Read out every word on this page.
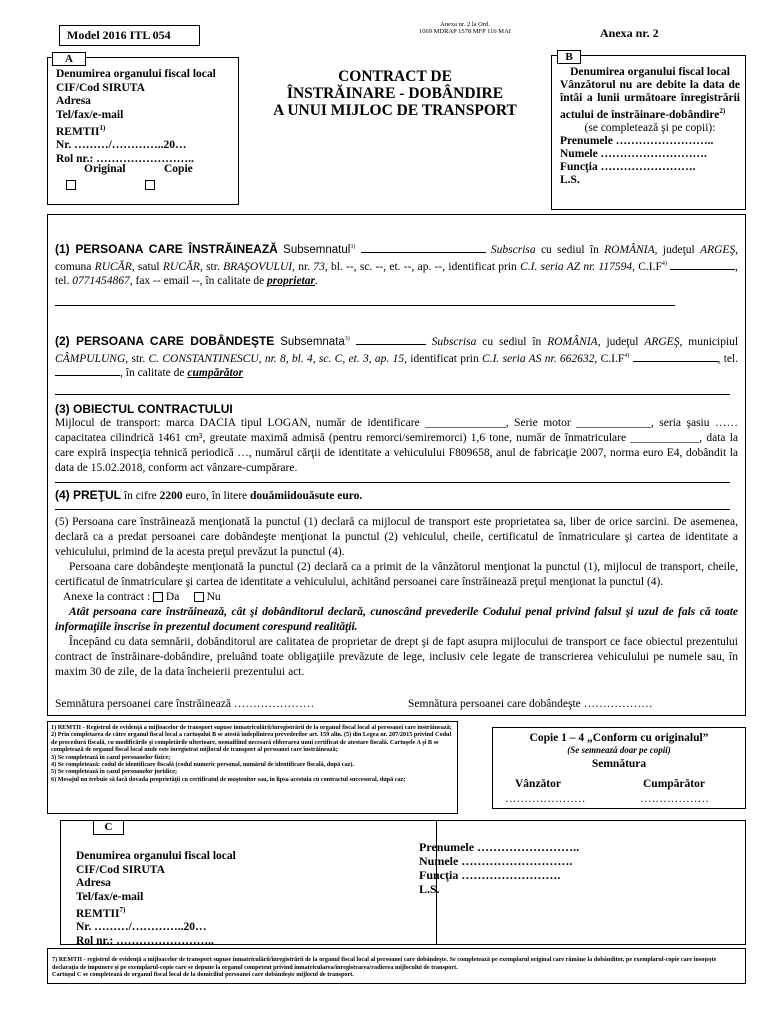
Model 2016 ITL 054
Anexa nr. 2 la Ord.
1069 MDRAP 1578 MFP 116 MAI	Anexa nr. 2
A
Denumirea organului fiscal local
CIF/Cod SIRUTA
Adresa
Tel/fax/e-mail
REMTII$^{1)}$
Nr. ………/…………..20…
Rol nr.: ……………………..
Original	Copie
CONTRACT DE
ÎNSTRĂINARE - DOBÂNDIRE
A UNUI MIJLOC DE TRANSPORT
B
Denumirea organului fiscal local
Vânzătorul nu are debite la data de întâi a lunii următoare înregistrării actului de înstrăinare-dobândire$^{2)}$
(se completează şi pe copii):
Prenumele ……………………..
Numele ……………………….
Funcţia …………………….
L.S.

(1) PERSOANA CARE ÎNSTRĂINEAZĂ Subsemnatul$^{3)}$	Subscrisa cu sediul în ROMÂNIA, judeţul ARGEŞ, comuna RUCĂR, satul RUCĂR, str. BRAŞOVULUI, nr. 73, bl. --, sc. --, et. --, ap. --, identificat prin C.I. seria AZ nr. 117594, $C.I.F^{4)}$	, tel. 0771454867, fax -- email --, în calitate de proprietar.

(2) PERSOANA CARE DOBÂNDEŞTE Subsemnata$^{3)}$	Subscrisa cu sediul în ROMÂNIA, judeţul ARGEŞ, municipiul CÂMPULUNG, str. C. CONSTANTINESCU, nr. 8, bl. 4, sc. C, et. 3, ap. 15, identificat prin C.I. seria AS nr. 662632, $C.I.F^{4)}$	, tel. , în calitate de cumpărător

(3) OBIECTUL CONTRACTULUI

Mijlocul de transport: marca DACIA tipul LOGAN, număr de identificare ______________, Serie motor _____________, seria şasiu …… capacitatea cilindrică 1461 cm³, greutate maximă admisă (pentru remorci/semiremorci) 1,6 tone, număr de înmatriculare ____________, data la care expiră inspecţia tehnică periodică …, numărul cărţii de identitate a vehiculului F809658, anul de fabricaţie 2007, norma euro E4, dobândit la data de 15.02.2018, conform act vânzare-cumpărare.

(4) PREŢUL în cifre 2200 euro, în litere douămiidouăsute euro.

(5) Persoana care înstrăinează menţionată la punctul (1) declară ca mijlocul de transport este proprietatea sa, liber de orice sarcini. De asemenea, declară ca a predat persoanei care dobândeşte menţionat la punctul (2) vehiculul, cheile, certificatul de înmatriculare şi cartea de identitate a vehiculului, primind de la acesta preţul prevăzut la punctul (4).

Persoana care dobândeşte menţionată la punctul (2) declară ca a primit de la vânzătorul menţionat la punctul (1), mijlocul de transport, cheile, certificatul de înmatriculare şi cartea de identitate a vehiculului, achitând persoanei care înstrăinează preţul menţionat la punctul (4).

Anexe la contract : Da Nu

Atât persoana care înstrăinează, cât şi dobânditorul declară, cunoscând prevederile Codului penal privind falsul şi uzul de fals că toate informaţiile înscrise în prezentul document corespund realităţii.

Începând cu data semnării, dobânditorul are calitatea de proprietar de drept şi de fapt asupra mijlocului de transport ce face obiectul prezentului contract de înstrăinare-dobândire, preluând toate obligaţiile prevăzute de lege, inclusiv cele legate de transcrierea vehiculului pe numele sau, în maxim 30 de zile, de la data încheierii prezentului act.

Semnătura persoanei care înstrăinează …………………	Semnătura persoanei care dobândeşte ………………
1) REMTII - Registrul de evidenţă a mijloacelor de transport supuse înmatriculării/înregistrării de la organul fiscal local al persoanei care înstrăinează;
2) Prin completarea de către organul fiscal local a cartuşului B se atestă îndeplinirea prevederilor art. 159 alin. (5) din Legea nr. 207/2015 privind Codul de procedură fiscală, cu modificările şi completările ulterioare, nemaifiind necesară eliberarea unui certificat de atestare fiscală. Cartuşele A şi B se completează de organul fiscal local unde este înregistrat mijlocul de transport al persoanei care înstrăinează;
3) Se completează în cazul persoanelor fizice;
4) Se completează: codul de identificare fiscală (codul numeric personal, numărul de identificare fiscală, după caz).
5) Se completează în cazul persoanelor juridice;
6) Mesajul nu trebuie să facă dovada proprietăţii cu certificatul de moştenitor sau, în lipsa acestuia cu contractul succesoral, după caz;
Copie 1 – 4 „Conform cu originalul”
(Se semnează doar pe copii)
Semnătura
Vânzător	Cumpărător
…………………	………………
C
Denumirea organului fiscal local
CIF/Cod SIRUTA
Adresa
Tel/fax/e-mail
REMTII$^{7)}$
Nr. ………/…………..20…
Rol nr.: ……………………..
Prenumele ……………………..
Numele ……………………….
Funcţia …………………….
L.S.
7) REMTII - registrul de evidenţă a mijloacelor de transport supuse înmatriculării/înregistrării de la organul fiscal local al persoanei care dobândeşte. Se completează pe exemplarul original care rămâne la dobânditor, pe exemplarul-copie care însoţeşte declaraţia de impunere şi pe exemplarul-copie care se depune la organul competent privind înmatricularea/înregistrarea/radierea mijlocului de transport.
Cartuşul C se completează de organul fiscal local de la domiciliul persoanei care dobândeşte mijlocul de transport.
